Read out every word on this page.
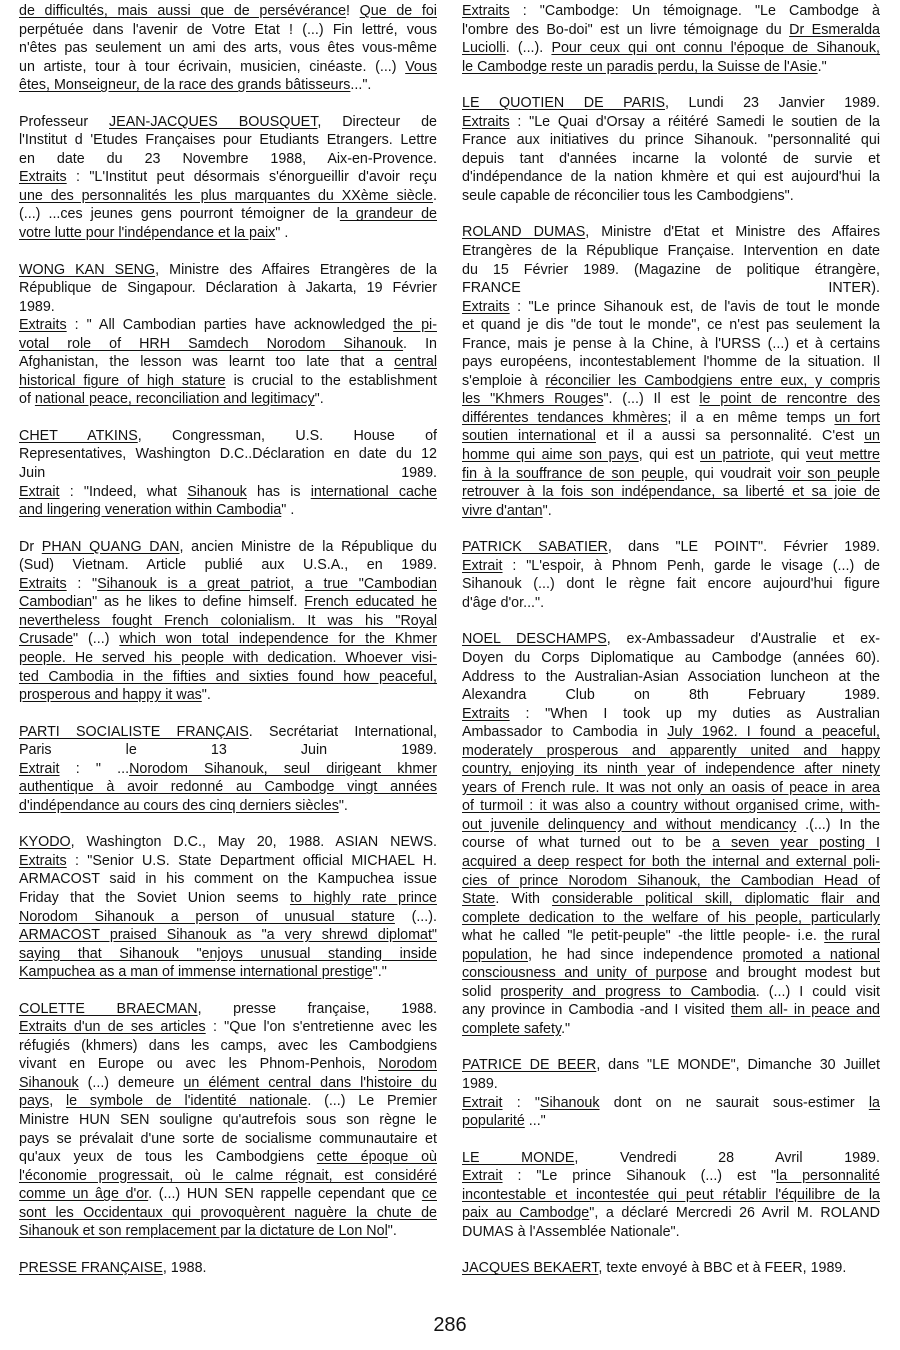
de difficultés, mais aussi que de persévérance! Que de foi

perpétuée dans l'avenir de Votre Etat ! (...) Fin lettré, vous

n'êtes pas seulement un ami des arts, vous êtes vous-même

un artiste, tour à tour écrivain, musicien, cinéaste. (...) Vous

êtes, Monseigneur, de la race des grands bâtisseurs...".

Professeur JEAN-JACQUES BOUSQUET, Directeur de

l'Institut d 'Etudes Françaises pour Etudiants Etrangers. Lettre

en date du 23 Novembre 1988, Aix-en-Provence.

Extraits : "L'Institut peut désormais s'énorgueillir d'avoir reçu

une des personnalités les plus marquantes du XXème siècle.

(...) ...ces jeunes gens pourront témoigner de la grandeur de

votre lutte pour l'indépendance et la paix" .

WONG KAN SENG, Ministre des Affaires Etrangères de la

République de Singapour. Déclaration à Jakarta, 19 Février

1989.

Extraits : " All Cambodian parties have acknowledged the pi-

votal role of HRH Samdech Norodom Sihanouk. In

Afghanistan, the lesson was learnt too late that a central

historical figure of high stature is crucial to the establishment

of national peace, reconciliation and legitimacy".

CHET ATKINS, Congressman, U.S. House of

Representatives, Washington D.C..Déclaration en date du 12

Juin 1989.

Extrait : "Indeed, what Sihanouk has is international cache

and lingering veneration within Cambodia" .

Dr PHAN QUANG DAN, ancien Ministre de la République du

(Sud) Vietnam. Article publié aux U.S.A., en 1989.

Extraits : "Sihanouk is a great patriot, a true "Cambodian

Cambodian" as he likes to define himself. French educated he

nevertheless fought French colonialism. It was his "Royal

Crusade" (...) which won total independence for the Khmer

people. He served his people with dedication. Whoever visi-

ted Cambodia in the fifties and sixties found how peaceful,

prosperous and happy it was".

PARTI SOCIALISTE FRANÇAIS. Secrétariat International,

Paris le 13 Juin 1989.

Extrait : " ...Norodom Sihanouk, seul dirigeant khmer

authentique à avoir redonné au Cambodge vingt années

d'indépendance au cours des cinq derniers siècles".

KYODO, Washington D.C., May 20, 1988. ASIAN NEWS.

Extraits : "Senior U.S. State Department official MICHAEL H.

ARMACOST said in his comment on the Kampuchea issue

Friday that the Soviet Union seems to highly rate prince

Norodom Sihanouk a person of unusual stature (...).

ARMACOST praised Sihanouk as "a very shrewd diplomat"

saying that Sihanouk "enjoys unusual standing inside

Kampuchea as a man of immense international prestige"."

COLETTE BRAECMAN, presse française, 1988.

Extraits d'un de ses articles : "Que l'on s'entretienne avec les

réfugiés (khmers) dans les camps, avec les Cambodgiens

vivant en Europe ou avec les Phnom-Penhois, Norodom

Sihanouk (...) demeure un élément central dans l'histoire du

pays, le symbole de l'identité nationale. (...) Le Premier

Ministre HUN SEN souligne qu'autrefois sous son règne le

pays se prévalait d'une sorte de socialisme communautaire et

qu'aux yeux de tous les Cambodgiens cette époque où

l'économie progressait, où le calme régnait, est considéré

comme un âge d'or. (...) HUN SEN rappelle cependant que ce

sont les Occidentaux qui provoquèrent naguère la chute de

Sihanouk et son remplacement par la dictature de Lon Nol".

PRESSE FRANÇAISE, 1988.

Extraits : "Cambodge: Un témoignage. "Le Cambodge à

l'ombre des Bo-doi" est un livre témoignage du Dr Esmeralda

Luciolli. (...). Pour ceux qui ont connu l'époque de Sihanouk,

le Cambodge reste un paradis perdu, la Suisse de l'Asie."

LE QUOTIEN DE PARIS, Lundi 23 Janvier 1989.

Extraits : "Le Quai d'Orsay a réitéré Samedi le soutien de la

France aux initiatives du prince Sihanouk. "personnalité qui

depuis tant d'années incarne la volonté de survie et

d'indépendance de la nation khmère et qui est aujourd'hui la

seule capable de réconcilier tous les Cambodgiens".

ROLAND DUMAS, Ministre d'Etat et Ministre des Affaires

Etrangères de la République Française. Intervention en date

du 15 Février 1989. (Magazine de politique étrangère,

FRANCE INTER).

Extraits : "Le prince Sihanouk est, de l'avis de tout le monde

et quand je dis "de tout le monde", ce n'est pas seulement la

France, mais je pense à la Chine, à l'URSS (...) et à certains

pays européens, incontestablement l'homme de la situation. Il

s'emploie à réconcilier les Cambodgiens entre eux, y compris

les "Khmers Rouges". (...) Il est le point de rencontre des

différentes tendances khmères; il a en même temps un fort

soutien international et il a aussi sa personnalité. C'est un

homme qui aime son pays, qui est un patriote, qui veut mettre

fin à la souffrance de son peuple, qui voudrait voir son peuple

retrouver à la fois son indépendance, sa liberté et sa joie de

vivre d'antan".

PATRICK SABATIER, dans "LE POINT". Février 1989.

Extrait : "L'espoir, à Phnom Penh, garde le visage (...) de

Sihanouk (...) dont le règne fait encore aujourd'hui figure

d'âge d'or...".

NOEL DESCHAMPS, ex-Ambassadeur d'Australie et ex-

Doyen du Corps Diplomatique au Cambodge (années 60).

Address to the Australian-Asian Association luncheon at the

Alexandra Club on 8th February 1989.

Extraits : "When I took up my duties as Australian

Ambassador to Cambodia in July 1962. I found a peaceful,

moderately prosperous and apparently united and happy

country, enjoying its ninth year of independence after ninety

years of French rule. It was not only an oasis of peace in area

of turmoil : it was also a country without organised crime, with-

out juvenile delinquency and without mendicancy .(...) In the

course of what turned out to be a seven year posting I

acquired a deep respect for both the internal and external poli-

cies of prince Norodom Sihanouk, the Cambodian Head of

State. With considerable political skill, diplomatic flair and

complete dedication to the welfare of his people, particularly

what he called "le petit-peuple" -the little people- i.e. the rural

population, he had since independence promoted a national

consciousness and unity of purpose and brought modest but

solid prosperity and progress to Cambodia. (...) I could visit

any province in Cambodia -and I visited them all- in peace and

complete safety."

PATRICE DE BEER, dans "LE MONDE", Dimanche 30 Juillet

1989.

Extrait : "Sihanouk dont on ne saurait sous-estimer la

popularité ..."

LE MONDE, Vendredi 28 Avril 1989.

Extrait : "Le prince Sihanouk (...) est "la personnalité

incontestable et incontestée qui peut rétablir l'équilibre de la

paix au Cambodge", a déclaré Mercredi 26 Avril M. ROLAND

DUMAS à l'Assemblée Nationale".

JACQUES BEKAERT, texte envoyé à BBC et à FEER, 1989.

286
